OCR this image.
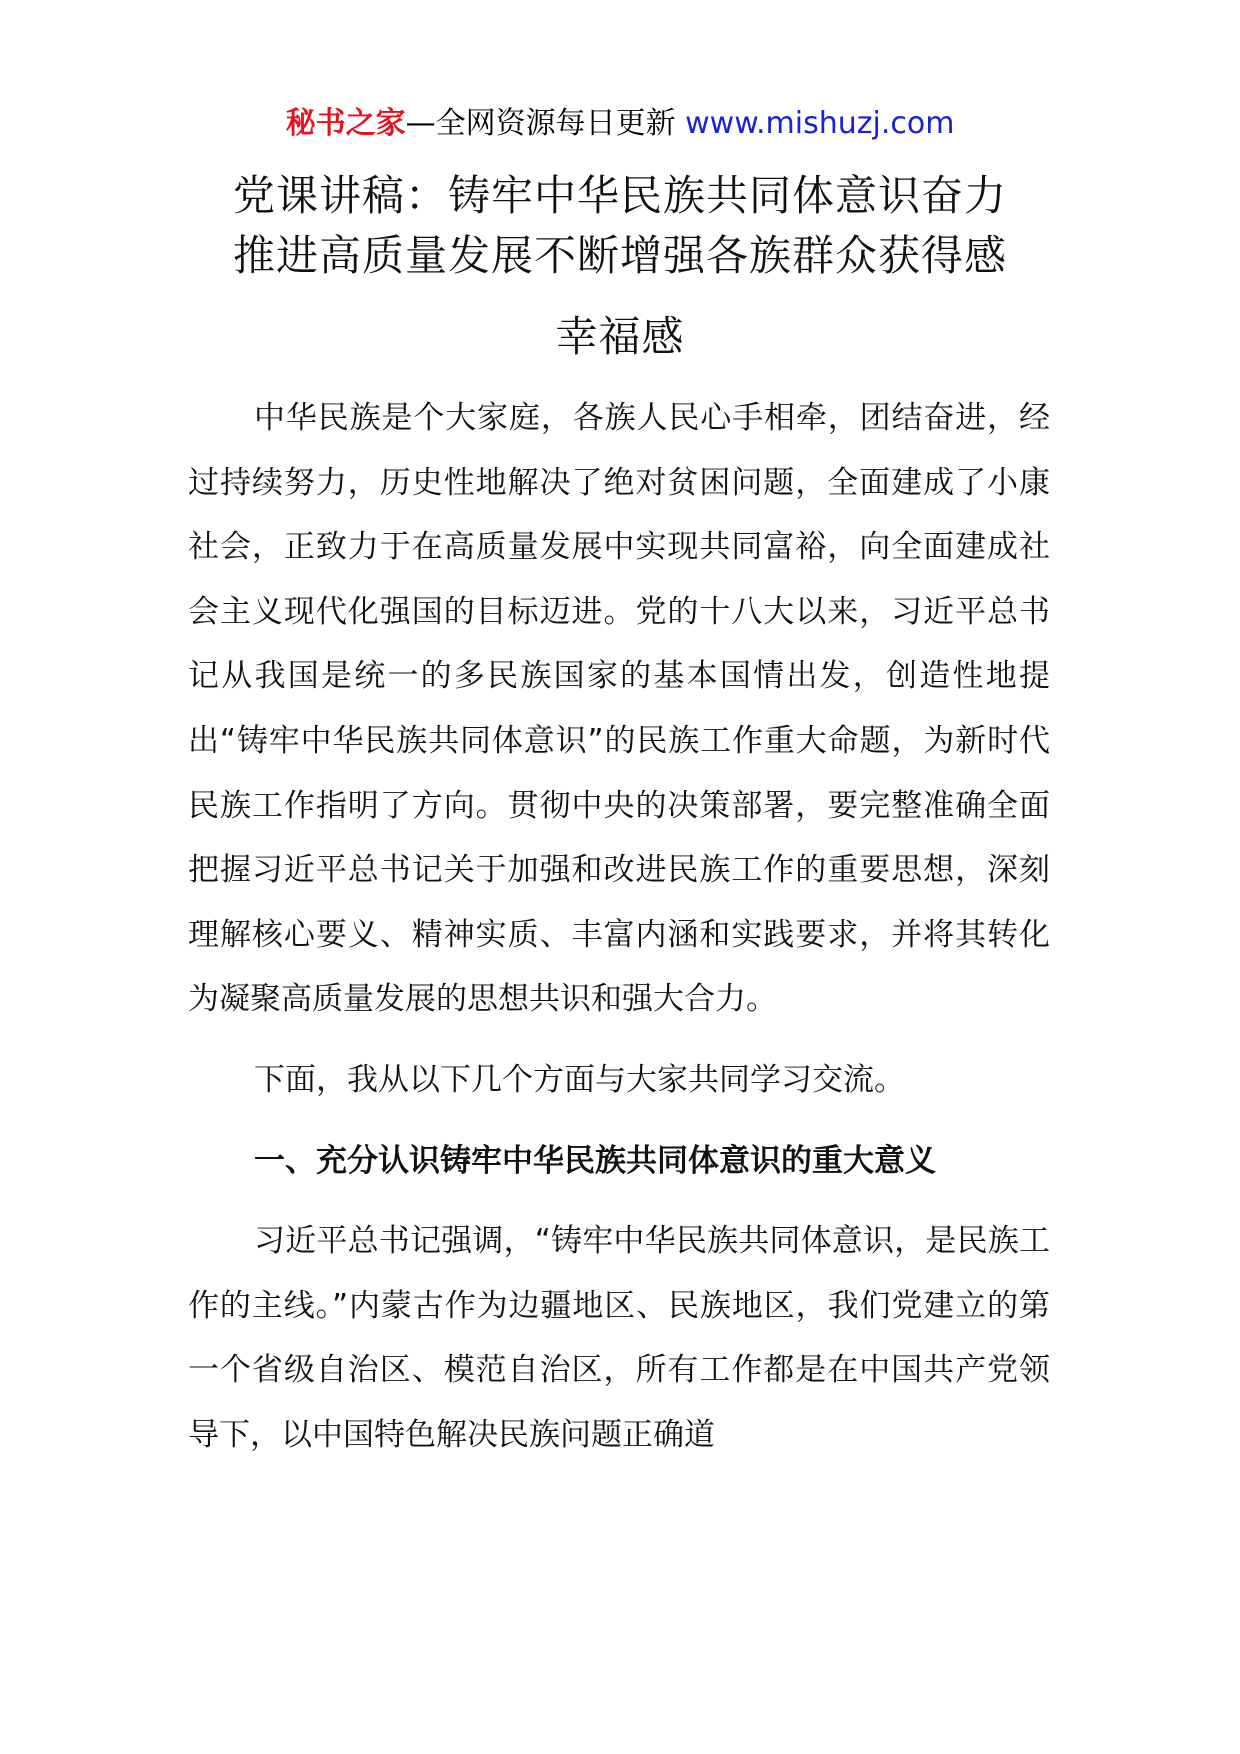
秘书之家—全网资源每日更新 www.mishuzj.com
党课讲稿：铸牢中华民族共同体意识奋力
推进高质量发展不断增强各族群众获得感
幸福感

中华民族是个大家庭，各族人民心手相牵，团结奋进，经过持续努力，历史性地解决了绝对贫困问题，全面建成了小康社会，正致力于在高质量发展中实现共同富裕，向全面建成社会主义现代化强国的目标迈进。党的十八大以来，习近平总书记从我国是统一的多民族国家的基本国情出发，创造性地提出“铸牢中华民族共同体意识”的民族工作重大命题，为新时代民族工作指明了方向。贯彻中央的决策部署，要完整准确全面把握习近平总书记关于加强和改进民族工作的重要思想，深刻理解核心要义、精神实质、丰富内涵和实践要求，并将其转化为凝聚高质量发展的思想共识和强大合力。

下面，我从以下几个方面与大家共同学习交流。

一、充分认识铸牢中华民族共同体意识的重大意义

习近平总书记强调，“铸牢中华民族共同体意识，是民族工作的主线。”内蒙古作为边疆地区、民族地区，我们党建立的第一个省级自治区、模范自治区，所有工作都是在中国共产党领导下，以中国特色解决民族问题正确道
